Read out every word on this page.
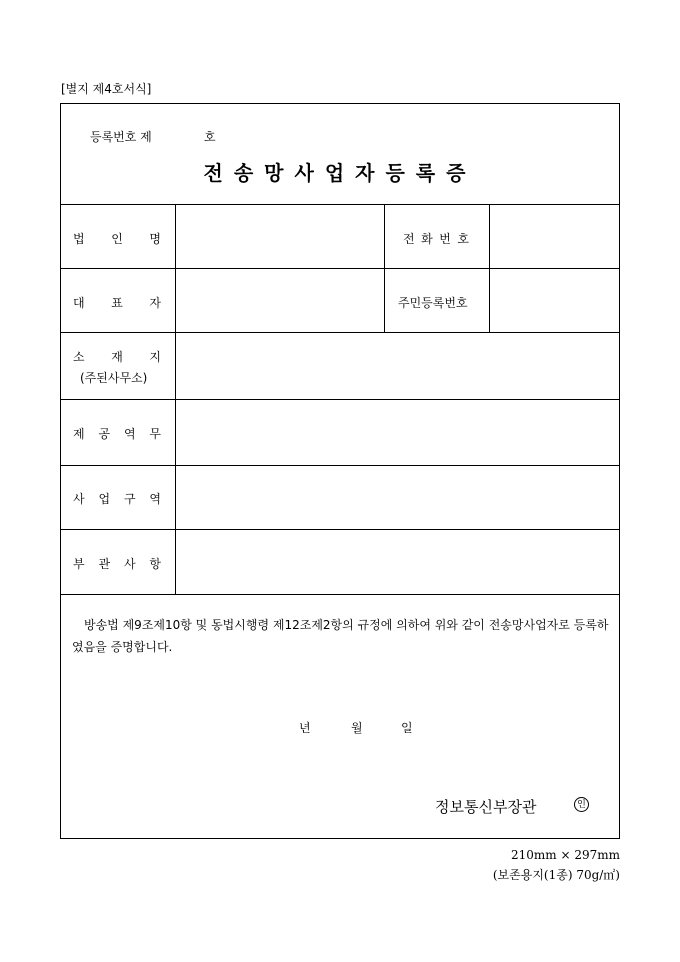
[별지 제4호서식]
등록번호 제	호
전송망사업자등록증
법 인 명	전 화 번 호
대 표 자	주민등록번호
소 재 지
(주된사무소)
제 공 역 무
사 업 구 역
부 관 사 항
방송법 제9조제10항 및 동법시행령 제12조제2항의 규정에 의하여 위와 같이 전송망사업자로 등록하였음을 증명합니다.
년	월	일
정보통신부장관	인
210mm × 297mm
(보존용지(1종) 70g/㎡)
